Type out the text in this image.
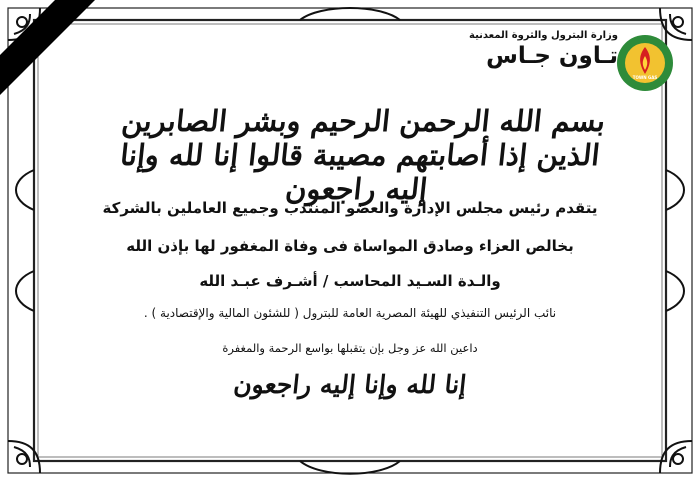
وزارة البترول والثروة المعدنية
تـاون جـاس
TOWN GAS
بسم الله الرحمن الرحيم وبشر الصابرين الذين إذا أصابتهم مصيبة قالوا إنا لله وإنا إليه راجعون
يتقدم رئيس مجلس الإدارة والعضو المنتدب وجميع العاملين بالشركة
بخالص العزاء وصادق المواساة فى وفاة المغفور لها بإذن الله
والـدة السـيد المحاسب / أشـرف عبـد الله
نائب الرئيس التنفيذي للهيئة المصرية العامة للبترول ( للشئون المالية والإقتصادية ) .
داعين الله عز وجل بإن يتقبلها بواسع الرحمة والمغفرة
إنا لله وإنا إليه راجعون
